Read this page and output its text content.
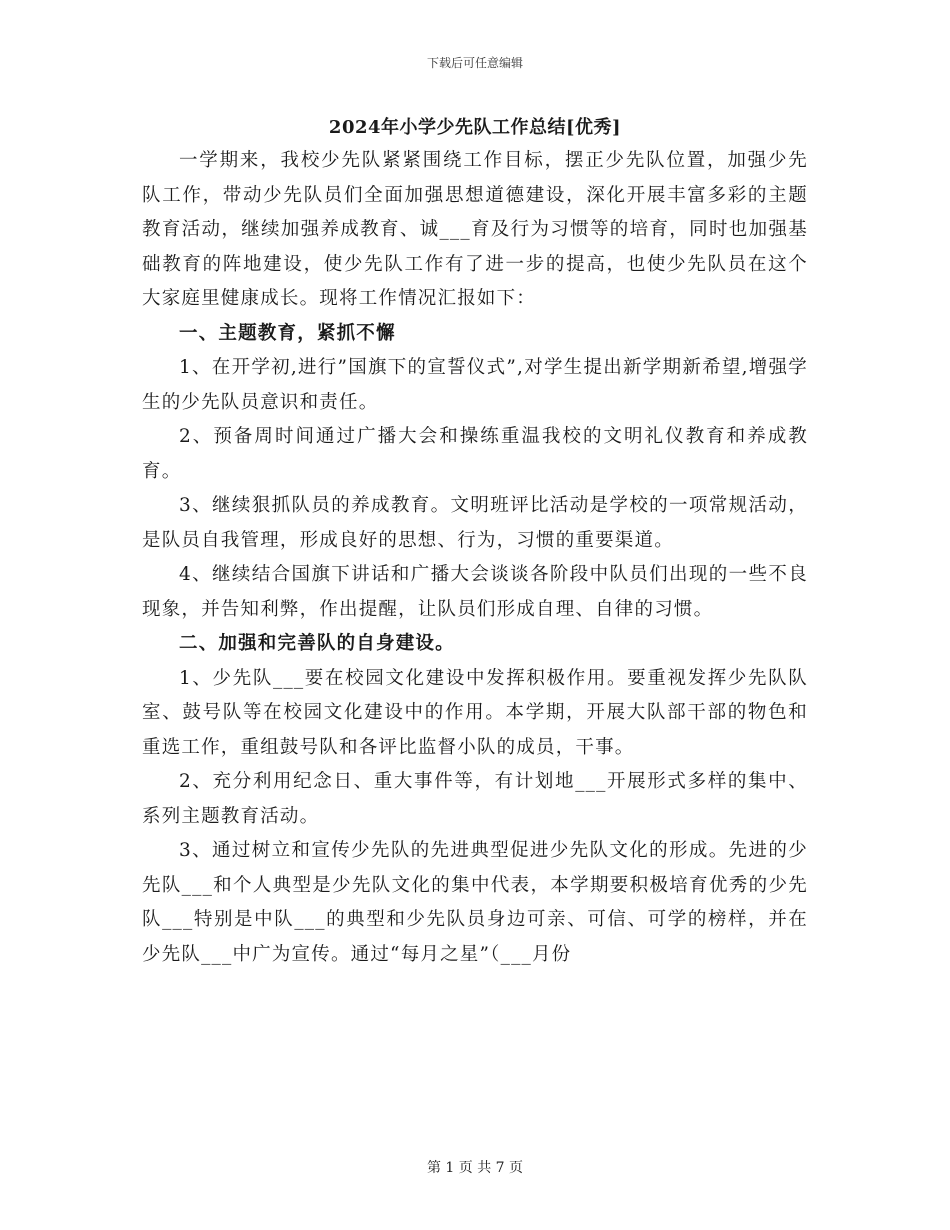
下载后可任意编辑
2024年小学少先队工作总结[优秀]

一学期来，我校少先队紧紧围绕工作目标，摆正少先队位置，加强少先队工作，带动少先队员们全面加强思想道德建设，深化开展丰富多彩的主题教育活动，继续加强养成教育、诚___育及行为习惯等的培育，同时也加强基础教育的阵地建设，使少先队工作有了进一步的提高，也使少先队员在这个大家庭里健康成长。现将工作情况汇报如下：

一、主题教育，紧抓不懈

1、在开学初,进行”国旗下的宣誓仪式”,对学生提出新学期新希望,增强学生的少先队员意识和责任。

2、预备周时间通过广播大会和操练重温我校的文明礼仪教育和养成教育。

3、继续狠抓队员的养成教育。文明班评比活动是学校的一项常规活动，是队员自我管理，形成良好的思想、行为，习惯的重要渠道。

4、继续结合国旗下讲话和广播大会谈谈各阶段中队员们出现的一些不良现象，并告知利弊，作出提醒，让队员们形成自理、自律的习惯。

二、加强和完善队的自身建设。

1、少先队___要在校园文化建设中发挥积极作用。要重视发挥少先队队室、鼓号队等在校园文化建设中的作用。本学期，开展大队部干部的物色和重选工作，重组鼓号队和各评比监督小队的成员，干事。

2、充分利用纪念日、重大事件等，有计划地___开展形式多样的集中、系列主题教育活动。

3、通过树立和宣传少先队的先进典型促进少先队文化的形成。先进的少先队___和个人典型是少先队文化的集中代表，本学期要积极培育优秀的少先队___特别是中队___的典型和少先队员身边可亲、可信、可学的榜样，并在少先队___中广为宣传。通过“每月之星”（___月份

第 1 页 共 7 页
